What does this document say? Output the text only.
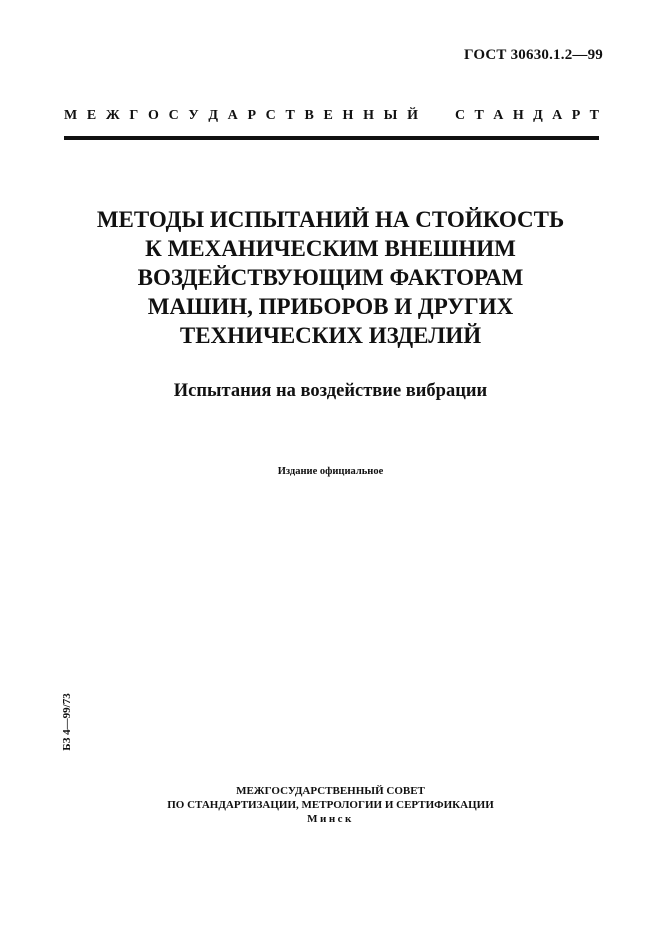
ГОСТ 30630.1.2—99
М Е Ж Г О С У Д А Р С Т В Е Н Н Ы Й	С Т А Н Д А Р Т
МЕТОДЫ ИСПЫТАНИЙ НА СТОЙКОСТЬ
К МЕХАНИЧЕСКИМ ВНЕШНИМ
ВОЗДЕЙСТВУЮЩИМ ФАКТОРАМ
МАШИН, ПРИБОРОВ И ДРУГИХ
ТЕХНИЧЕСКИХ ИЗДЕЛИЙ
Испытания на воздействие вибрации
Издание официальное
БЗ 4—99/73
МЕЖГОСУДАРСТВЕННЫЙ СОВЕТ
ПО СТАНДАРТИЗАЦИИ, МЕТРОЛОГИИ И СЕРТИФИКАЦИИ
Минск
